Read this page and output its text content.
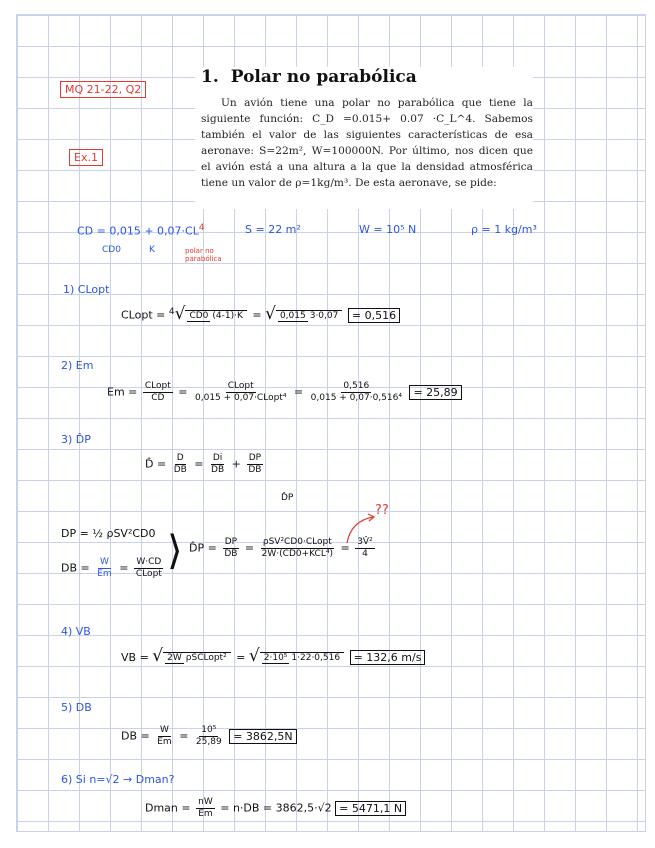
MQ 21-22, Q2
Ex.1
1. Polar no parabólica

Un avión tiene una polar no parabólica que tiene la siguiente función: C_D =0.015+ 0.07 ·C_L^4. Sabemos también el valor de las siguientes características de esa aeronave: S=22m², W=100000N. Por último, nos dicen que el avión está a una altura a la que la densidad atmosférica tiene un valor de ρ=1kg/m³. De esta aeronave, se pide:

CD = $0,015 + 0,07\cdot CL^4$
CD0	K	polar no parabólica
S = 22 m²	W = 10⁵ N	ρ = 1 kg/m³
1) CLopt
CLopt = $^4$√ CD0 (4-1)·K = √ 0,015 3·0,07 = 0,516
2) Em
$Em = \frac{\text{CLopt}}{CD} = \frac{\text{CLopt}}{\text{0,015 + 0,07·CLopt⁴}} = \frac{0,516}{\text{0,015 + 0,07·0,516⁴}} = 25,89$
3) D̂P
D̂ = $\frac{D}{DB} = \frac{Di}{DB} + \frac{DP}{DB}$
D̂P
DP = ½ ρSV²CD0
DB = $\frac{W}{Em} = \frac{W\cdot CD}{\text{CLopt}}$ ⟩ D̂P = $\frac{DP}{DB} = \frac{\text{ρSV²CD0·CLopt}}{\text{2W·(CD0+KCL⁴)}} = \frac{\text{3V̂²}}{4}$
??
4) VB
VB = √ 2W ρSCLopt² = √ 2·10⁵ 1·22·0,516 = 132,6 m/s
5) DB
DB = $\frac{W}{Em} = \frac{\text{10⁵}}{25,89} = 3862,5N$
6) Si n=√2 → Dman?
Dman = $\frac{nW}{Em} = n\cdot DB = 3862,5\cdot√2 = 5471,1$ N
